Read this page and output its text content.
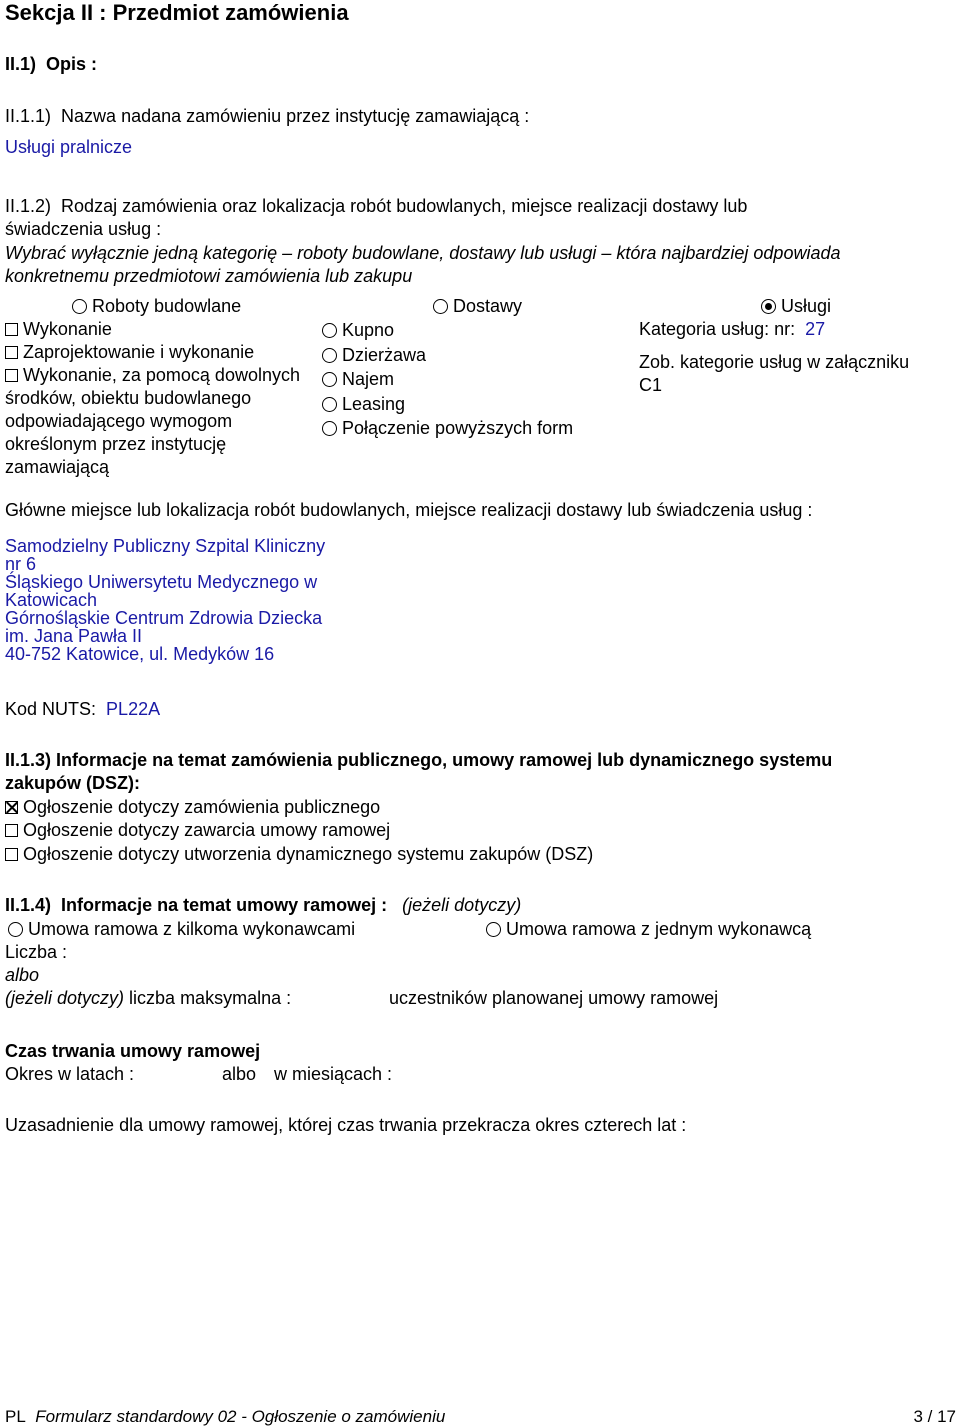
Sekcja II : Przedmiot zamówienia
II.1) Opis :
II.1.1) Nazwa nadana zamówieniu przez instytucję zamawiającą :
Usługi pralnicze
II.1.2) Rodzaj zamówienia oraz lokalizacja robót budowlanych, miejsce realizacji dostawy lub
świadczenia usług :
Wybrać wyłącznie jedną kategorię – roboty budowlane, dostawy lub usługi – która najbardziej odpowiada
konkretnemu przedmiotowi zamówienia lub zakupu
Roboty budowlane	Dostawy	Usługi
Wykonanie
Zaprojektowanie i wykonanie
Wykonanie, za pomocą dowolnych
środków, obiektu budowlanego
odpowiadającego wymogom
określonym przez instytucję
zamawiającą
Kupno
Dzierżawa
Najem
Leasing
Połączenie powyższych form
Kategoria usług: nr: 27
Zob. kategorie usług w załączniku
C1
Główne miejsce lub lokalizacja robót budowlanych, miejsce realizacji dostawy lub świadczenia usług :
Samodzielny Publiczny Szpital Kliniczny
nr 6
Śląskiego Uniwersytetu Medycznego w
Katowicach
Górnośląskie Centrum Zdrowia Dziecka
im. Jana Pawła II
40-752 Katowice, ul. Medyków 16
Kod NUTS: PL22A
II.1.3) Informacje na temat zamówienia publicznego, umowy ramowej lub dynamicznego systemu
zakupów (DSZ):
Ogłoszenie dotyczy zamówienia publicznego
Ogłoszenie dotyczy zawarcia umowy ramowej
Ogłoszenie dotyczy utworzenia dynamicznego systemu zakupów (DSZ)
II.1.4) Informacje na temat umowy ramowej : (jeżeli dotyczy)
Umowa ramowa z kilkoma wykonawcami	Umowa ramowa z jednym wykonawcą
Liczba :
albo
(jeżeli dotyczy) liczba maksymalna :	uczestników planowanej umowy ramowej
Czas trwania umowy ramowej
Okres w latach :	albo w miesiącach :
Uzasadnienie dla umowy ramowej, której czas trwania przekracza okres czterech lat :
PL Formularz standardowy 02 - Ogłoszenie o zamówieniu	3 / 17
